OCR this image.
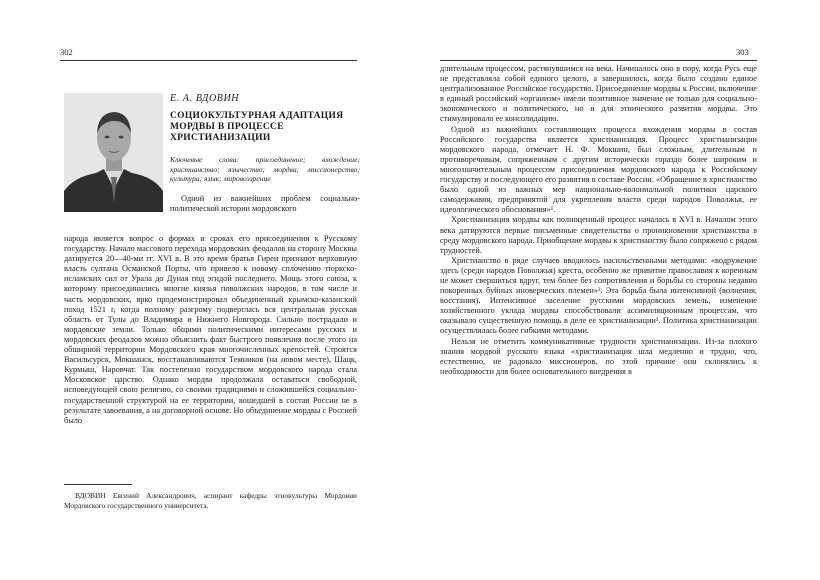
302
Е. А. ВДОВИН
СОЦИОКУЛЬТУРНАЯ АДАПТАЦИЯ
МОРДВЫ В ПРОЦЕССЕ
ХРИСТИАНИЗАЦИИ
Ключевые слова: присоединение; вхождение; христианство; язычество; мордва; миссионерство; культура; язык; мировоззрение

Одной из важнейших проблем социально-политической истории мордовского

народа является вопрос о формах и сроках его присоединения к Русскому государству. Начало массового перехода мордовских феодалов на сторону Москвы датируется 20—40-ми гг. XVI в. В это время братья Гиреи признают верховную власть султана Османской Порты, что привело к новому сплочению тюркско-исламских сил от Урала до Дуная под эгидой последнего. Мощь этого союза, к которому присоединились многие князья поволжских народов, в том числе и часть мордовских, ярко продемонстрировал объединенный крымско-казанский поход 1521 г, когда полному разгрому подверглась вся центральная русская область от Тулы до Владимира и Нижнего Новгорода. Сильно пострадали и мордовские земли. Только общими политическими интересами русских и мордовских феодалов можно объяснить факт быстрого появления после этого на обширной территории Мордовского края многочисленных крепостей. Строятся Васильсурск, Мокшанск, восстанавливаются Темников (на новом месте), Шацк, Курмыш, Наровчат. Так постепенно государством мордовского народа стала Московское царство. Однако мордва продолжала оставаться свободной, исповедующей свою религию, со своими традициями и сложившейся социально-государственной структурой на ее территории, вошедшей в состав России не в результате завоевания, а на договорной основе. Но объединение мордвы с Россией было

ВДОВИН Евгений Александрович, аспирант кафедры этнокультуры Мордовии Мордовского государственного университета.
303

длительным процессом, растянувшимся на века. Начиналось оно в пору, когда Русь еще не представляла собой единого целого, а завершилось, когда было создано единое централизованное Российское государство. Присоединение мордвы к России, включение в единый российский «организм» имели позитивное значение не только для социально-экономического и политического, но и для этнического развития мордвы. Это стимулировало ее консолидацию.

Одной из важнейших составляющих процесса вхождения мордвы в состав Российского государства является христианизация. Процесс христианизации мордовского народа, отмечает Н. Ф. Мокшин, был сложным, длительным и противоречивым, сопряженным с другим исторически гораздо более широким и многозначительным процессом присоединения мордовского народа к Российскому государству и последующего его развития в составе России. «Обращение в христианство было одной из важных мер национально-колониальной политики царского самодержавия, предпринятой для укрепления власти среди народов Поволжья, ее идеологического обоснования»¹.

Христианизация мордвы как полноценный процесс началась в XVI в. Началом этого века датируются первые письменные свидетельства о проникновении христианства в среду мордовского народа. Приобщение мордвы к христианству было сопряжено с рядом трудностей.

Христианство в ряде случаев вводилось насильственными методами: «водружение здесь (среди народов Поволжья) креста, особенно же привитие православия к коренным не может свершиться вдруг, тем более без сопротивления и борьбы со стороны недавно покоренных буйных иноверческих племен»². Эта борьба была интенсивной (волнения, восстания). Интенсивное заселение русскими мордовских земель, изменение хозяйственного уклада мордвы способствовали ассимиляционным процессам, что оказывало существенную помощь в деле ее христианизации³. Политика христианизации осуществлялась более гибкими методами.

Нельзя не отметить коммуникативные трудности христианизации. Из-за плохого знания мордвой русского языка «христианизация шла медленно и трудно, что, естественно, не радовало миссионеров, по этой причине они склонялись к необходимости для более основательного внедрения в
